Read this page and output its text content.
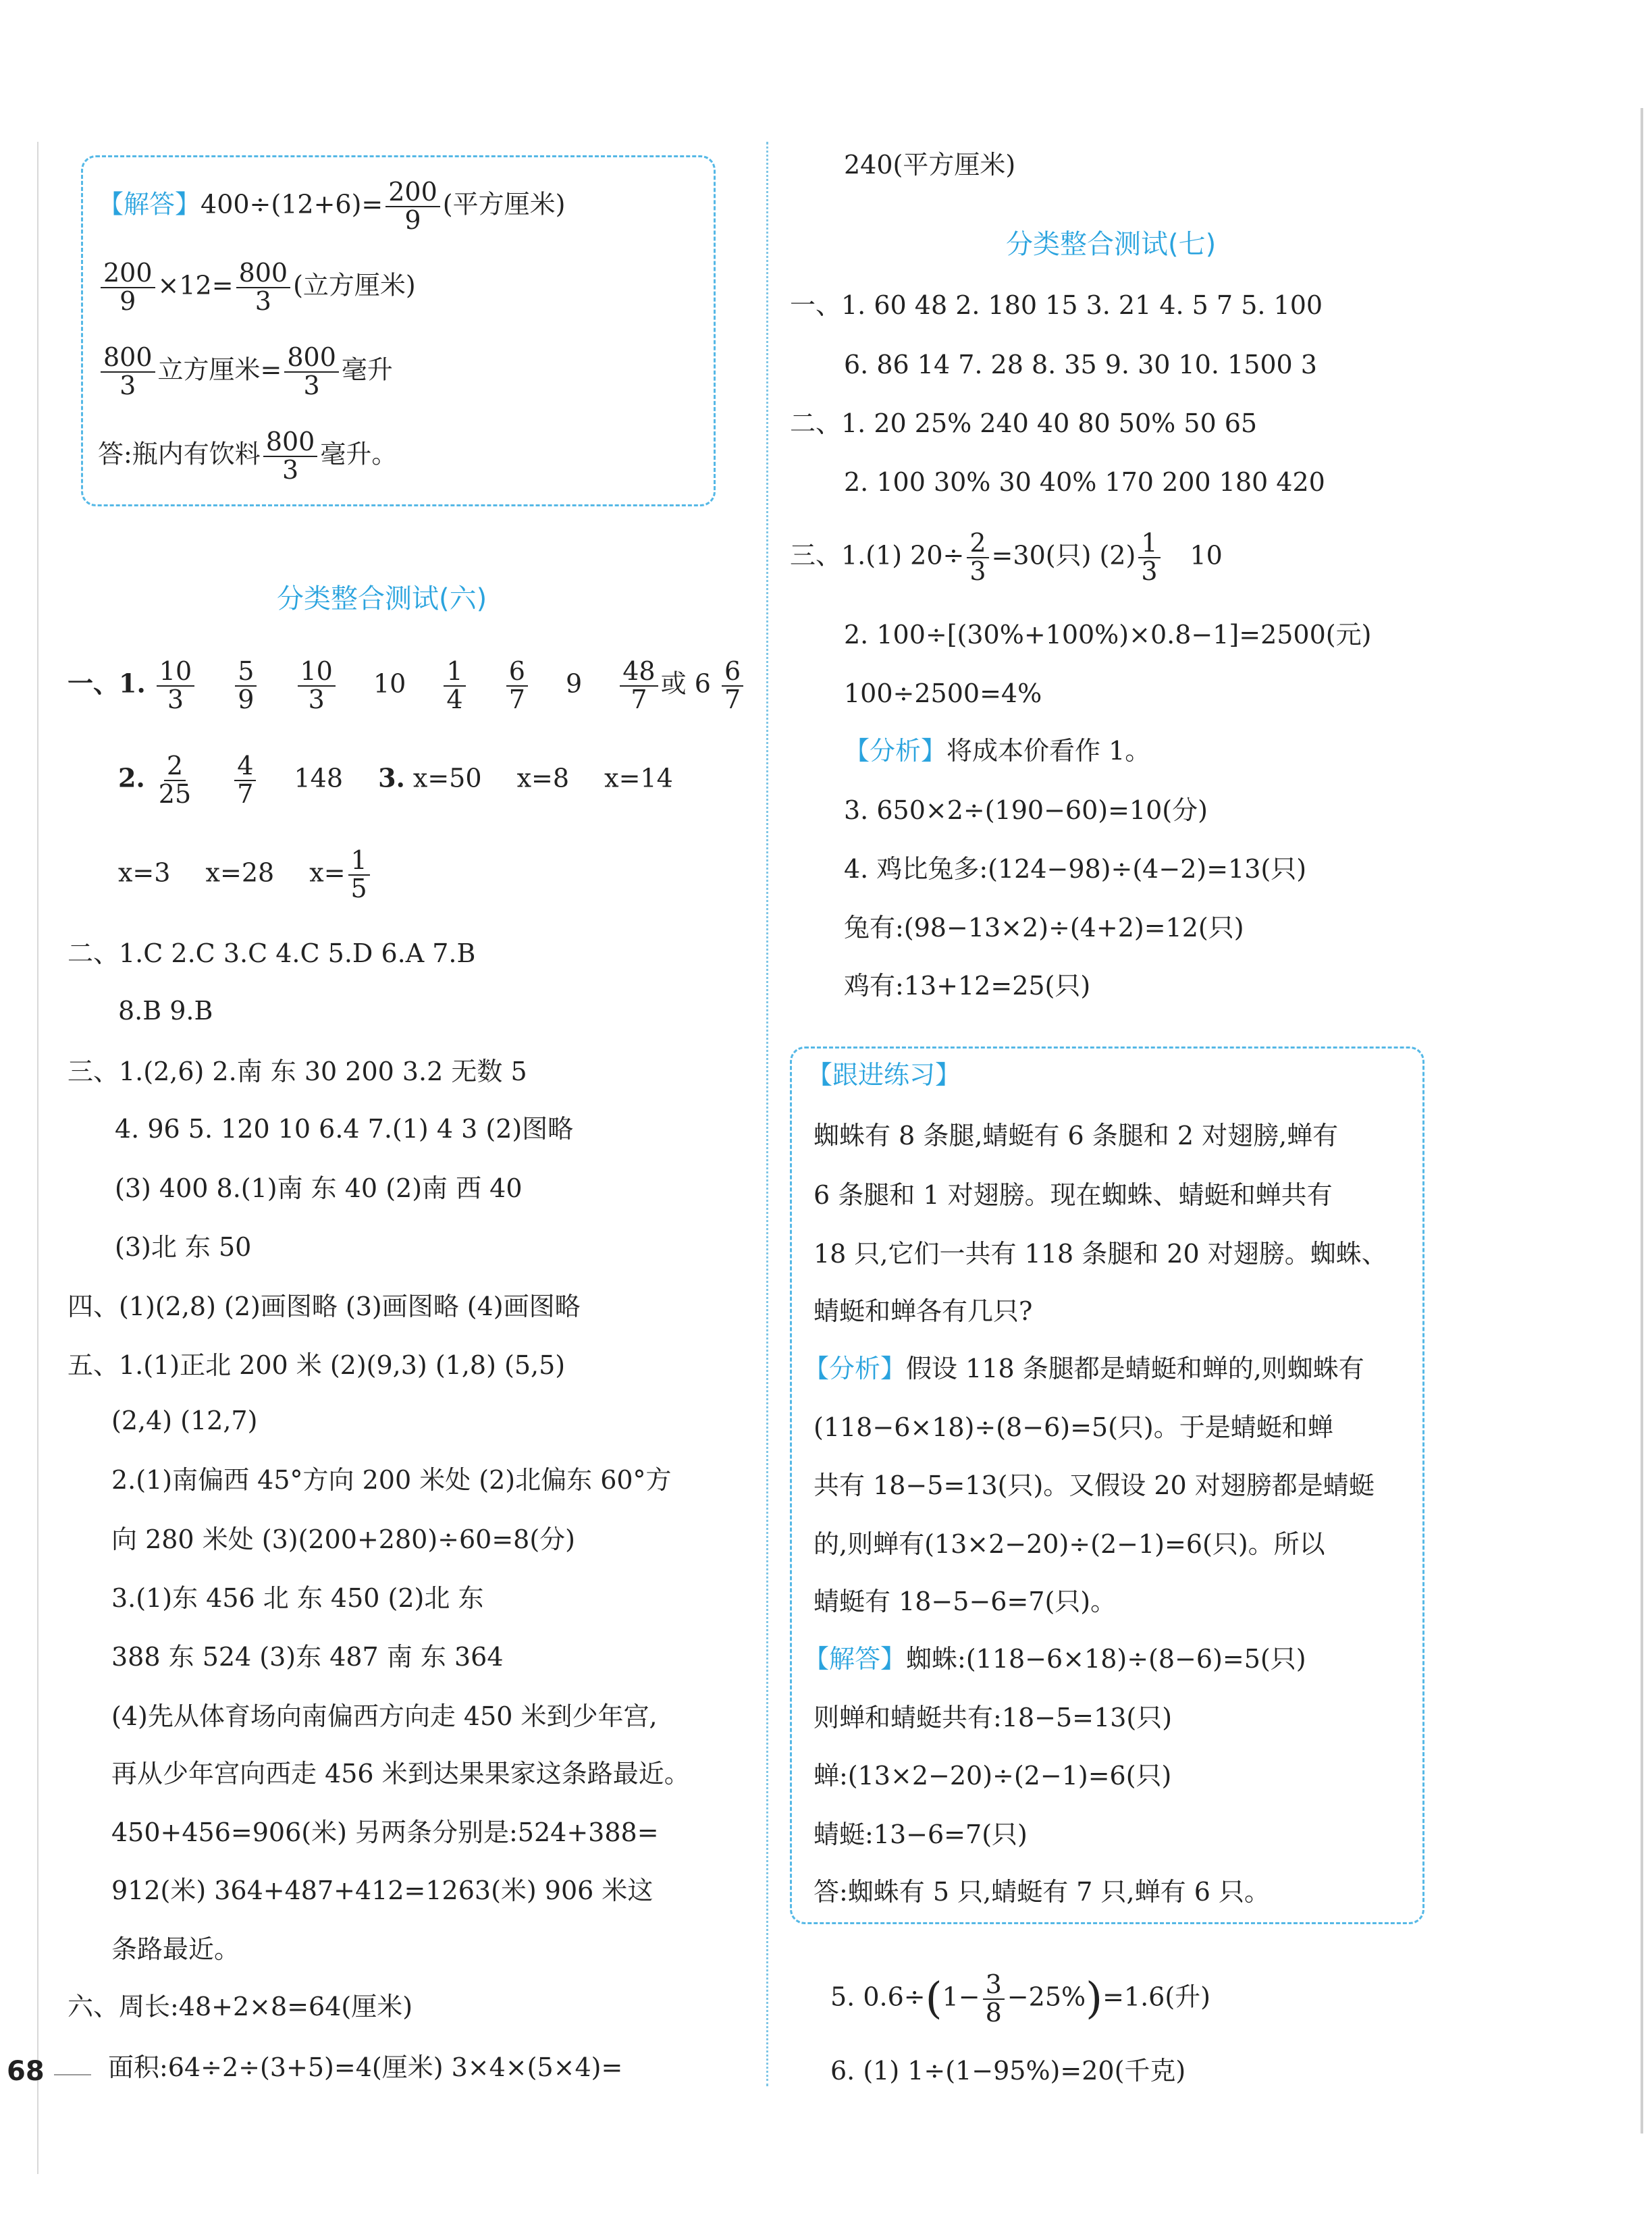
【解答】$400\div(12+6)= \frac{200}{9}$ (平方厘米)
$\frac{200}{9} \times 12= \frac{800}{3}$ (立方厘米)
$\frac{800}{3}$ 立方厘米= $\frac{800}{3}$ 毫升
答:瓶内有饮料 $\frac{800}{3}$ 毫升。
分类整合测试(六)
一、1. $\frac{10}{3}$
$\frac{5}{9}$
$\frac{10}{3} 10 \frac{1}{4}$
$\frac{6}{7} 9 \frac{48}{7}$ 或 $6 \frac{6}{7}$
2. $\frac{2}{25}$
$\frac{4}{7} 148$ 3. x=50 x=8 x=14
x=3 x=28 $x= \frac{1}{5}$
二、1.C 2.C 3.C 4.C 5.D 6.A 7.B
8.B 9.B
三、1.(2,6) 2.南 东 30 200 3.2 无数 5
4. 96 5. 120 10 6.4 7.(1) 4 3 (2)图略
(3) 400 8.(1)南 东 40 (2)南 西 40
(3)北 东 50
四、(1)(2,8) (2)画图略 (3)画图略 (4)画图略
五、1.(1)正北 200 米 (2)(9,3) (1,8) (5,5)
(2,4) (12,7)
2.(1)南偏西 45°方向 200 米处 (2)北偏东 60°方
向 280 米处 (3)(200+280)÷60=8(分)
3.(1)东 456 北 东 450 (2)北 东
388 东 524 (3)东 487 南 东 364
(4)先从体育场向南偏西方向走 450 米到少年宫,
再从少年宫向西走 456 米到达果果家这条路最近。
450+456=906(米) 另两条分别是:524+388=
912(米) 364+487+412=1263(米) 906 米这
条路最近。
六、周长:48+2×8=64(厘米)
面积:64÷2÷(3+5)=4(厘米) 3×4×(5×4)=
240(平方厘米)
分类整合测试(七)
一、1. 60 48 2. 180 15 3. 21 4. 5 7 5. 100
6. 86 14 7. 28 8. 35 9. 30 10. 1500 3
二、1. 20 25% 240 40 80 50% 50 65
2. 100 30% 30 40% 170 200 180 420
三、1.(1) $20\div \frac{2}{3} =30$(只) $(2) \frac{1}{3} 10$
2. 100÷[(30%+100%)×0.8−1]=2500(元)
100÷2500=4%
【分析】将成本价看作 1。
3. 650×2÷(190−60)=10(分)
4. 鸡比兔多:(124−98)÷(4−2)=13(只)
兔有:(98−13×2)÷(4+2)=12(只)
鸡有:13+12=25(只)
【跟进练习】
蜘蛛有 8 条腿,蜻蜓有 6 条腿和 2 对翅膀,蝉有
6 条腿和 1 对翅膀。现在蜘蛛、蜻蜓和蝉共有
18 只,它们一共有 118 条腿和 20 对翅膀。蜘蛛、
蜻蜓和蝉各有几只?
【分析】假设 118 条腿都是蜻蜓和蝉的,则蜘蛛有
(118−6×18)÷(8−6)=5(只)。于是蜻蜓和蝉
共有 18−5=13(只)。又假设 20 对翅膀都是蜻蜓
的,则蝉有(13×2−20)÷(2−1)=6(只)。所以
蜻蜓有 18−5−6=7(只)。
【解答】蜘蛛:(118−6×18)÷(8−6)=5(只)
则蝉和蜻蜓共有:18−5=13(只)
蝉:(13×2−20)÷(2−1)=6(只)
蜻蜓:13−6=7(只)
答:蜘蛛有 5 只,蜻蜓有 7 只,蝉有 6 只。
5. $0.6\div(1- \frac{3}{8} -25\%)=1.6$(升)
6. (1) 1÷(1−95%)=20(千克)
68
